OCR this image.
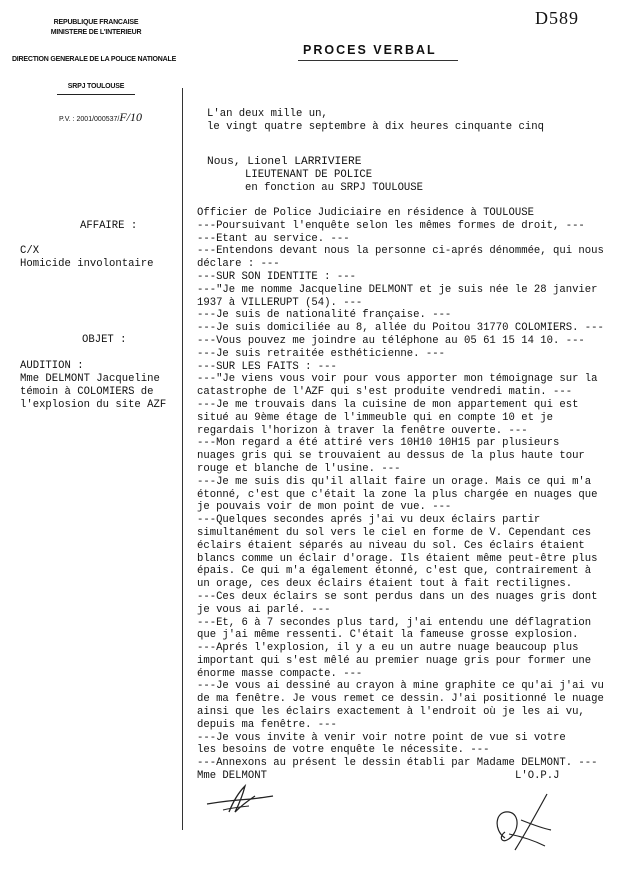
D589
REPUBLIQUE FRANCAISE
MINISTERE DE L'INTERIEUR
DIRECTION GENERALE DE LA POLICE NATIONALE
SRPJ TOULOUSE
P.V. : 2001/000537/F/10
PROCES VERBAL
L'an deux mille un,
le vingt quatre septembre à dix heures cinquante cinq
Nous, Lionel LARRIVIERE
LIEUTENANT DE POLICE
en fonction au SRPJ TOULOUSE
AFFAIRE :
C/X
Homicide involontaire
OBJET :
AUDITION :
Mme DELMONT Jacqueline
témoin à COLOMIERS de
l'explosion du site AZF
Officier de Police Judiciaire en résidence à TOULOUSE
---Poursuivant l'enquête selon les mêmes formes de droit, ---
---Etant au service. ---
---Entendons devant nous la personne ci-aprés dénommée, qui nous
déclare : ---
---SUR SON IDENTITE : ---
---"Je me nomme Jacqueline DELMONT et je suis née le 28 janvier
1937 à VILLERUPT (54). ---
---Je suis de nationalité française. ---
---Je suis domiciliée au 8, allée du Poitou 31770 COLOMIERS. ---
---Vous pouvez me joindre au téléphone au 05 61 15 14 10. ---
---Je suis retraitée esthéticienne. ---
---SUR LES FAITS : ---
---"Je viens vous voir pour vous apporter mon témoignage sur la
catastrophe de l'AZF qui s'est produite vendredi matin. ---
---Je me trouvais dans la cuisine de mon appartement qui est
situé au 9ème étage de l'immeuble qui en compte 10 et je
regardais l'horizon à traver la fenêtre ouverte. ---
---Mon regard a été attiré vers 10H10 10H15 par plusieurs
nuages gris qui se trouvaient au dessus de la plus haute tour
rouge et blanche de l'usine. ---
---Je me suis dis qu'il allait faire un orage. Mais ce qui m'a
étonné, c'est que c'était la zone la plus chargée en nuages que
je pouvais voir de mon point de vue. ---
---Quelques secondes aprés j'ai vu deux éclairs partir
simultanément du sol vers le ciel en forme de V. Cependant ces
éclairs étaient séparés au niveau du sol. Ces éclairs étaient
blancs comme un éclair d'orage. Ils étaient même peut-être plus
épais. Ce qui m'a également étonné, c'est que, contrairement à
un orage, ces deux éclairs étaient tout à fait rectilignes.
---Ces deux éclairs se sont perdus dans un des nuages gris dont
je vous ai parlé. ---
---Et, 6 à 7 secondes plus tard, j'ai entendu une déflagration
que j'ai même ressenti. C'était la fameuse grosse explosion.
---Aprés l'explosion, il y a eu un autre nuage beaucoup plus
important qui s'est mêlé au premier nuage gris pour former une
énorme masse compacte. ---
---Je vous ai dessiné au crayon à mine graphite ce qu'ai j'ai vu
de ma fenêtre. Je vous remet ce dessin. J'ai positionné le nuage
ainsi que les éclairs exactement à l'endroit où je les ai vu,
depuis ma fenêtre. ---
---Je vous invite à venir voir notre point de vue si votre
les besoins de votre enquête le nécessite. ---
---Annexons au présent le dessin établi par Madame DELMONT. ---
Mme DELMONT	L'O.P.J
